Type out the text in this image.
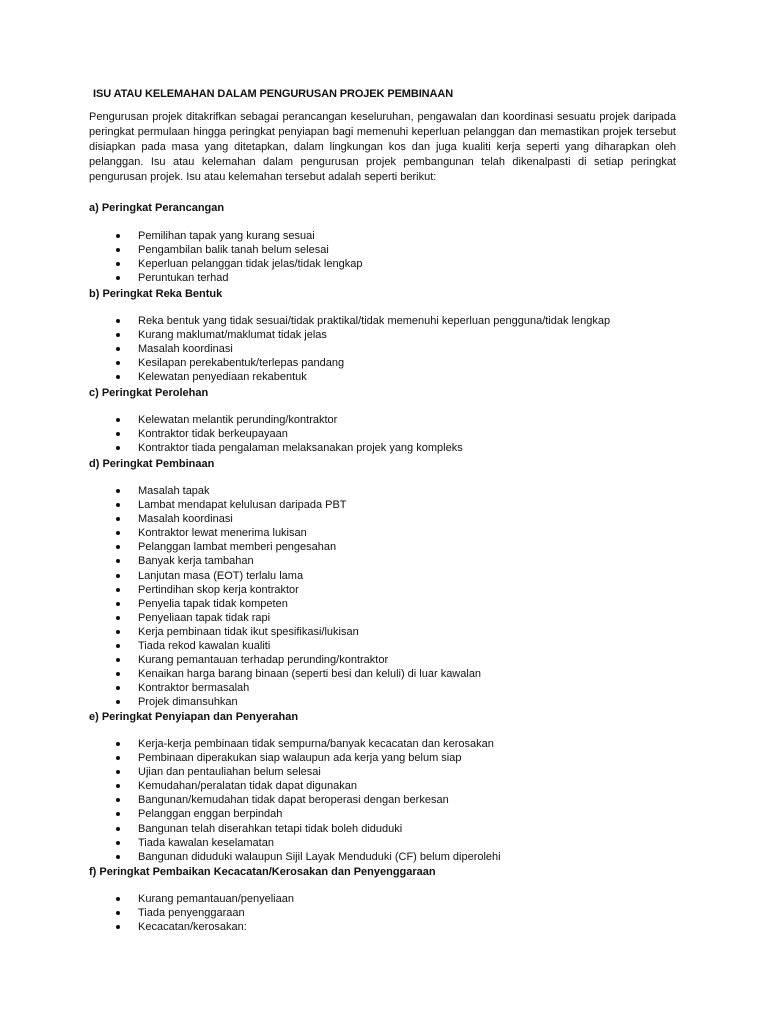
ISU ATAU KELEMAHAN DALAM PENGURUSAN PROJEK PEMBINAAN

Pengurusan projek ditakrifkan sebagai perancangan keseluruhan, pengawalan dan koordinasi sesuatu projek daripada peringkat permulaan hingga peringkat penyiapan bagi memenuhi keperluan pelanggan dan memastikan projek tersebut disiapkan pada masa yang ditetapkan, dalam lingkungan kos dan juga kualiti kerja seperti yang diharapkan oleh pelanggan. Isu atau kelemahan dalam pengurusan projek pembangunan telah dikenalpasti di setiap peringkat pengurusan projek. Isu atau kelemahan tersebut adalah seperti berikut:

a) Peringkat Perancangan

Pemilihan tapak yang kurang sesuai
Pengambilan balik tanah belum selesai
Keperluan pelanggan tidak jelas/tidak lengkap
Peruntukan terhad

b) Peringkat Reka Bentuk

Reka bentuk yang tidak sesuai/tidak praktikal/tidak memenuhi keperluan pengguna/tidak lengkap
Kurang maklumat/maklumat tidak jelas
Masalah koordinasi
Kesilapan perekabentuk/terlepas pandang
Kelewatan penyediaan rekabentuk

c) Peringkat Perolehan

Kelewatan melantik perunding/kontraktor
Kontraktor tidak berkeupayaan
Kontraktor tiada pengalaman melaksanakan projek yang kompleks

d) Peringkat Pembinaan

Masalah tapak
Lambat mendapat kelulusan daripada PBT
Masalah koordinasi
Kontraktor lewat menerima lukisan
Pelanggan lambat memberi pengesahan
Banyak kerja tambahan
Lanjutan masa (EOT) terlalu lama
Pertindihan skop kerja kontraktor
Penyelia tapak tidak kompeten
Penyeliaan tapak tidak rapi
Kerja pembinaan tidak ikut spesifikasi/lukisan
Tiada rekod kawalan kualiti
Kurang pemantauan terhadap perunding/kontraktor
Kenaikan harga barang binaan (seperti besi dan keluli) di luar kawalan
Kontraktor bermasalah
Projek dimansuhkan

e) Peringkat Penyiapan dan Penyerahan

Kerja-kerja pembinaan tidak sempurna/banyak kecacatan dan kerosakan
Pembinaan diperakukan siap walaupun ada kerja yang belum siap
Ujian dan pentauliahan belum selesai
Kemudahan/peralatan tidak dapat digunakan
Bangunan/kemudahan tidak dapat beroperasi dengan berkesan
Pelanggan enggan berpindah
Bangunan telah diserahkan tetapi tidak boleh diduduki
Tiada kawalan keselamatan
Bangunan diduduki walaupun Sijil Layak Menduduki (CF) belum diperolehi

f) Peringkat Pembaikan Kecacatan/Kerosakan dan Penyenggaraan

Kurang pemantauan/penyeliaan
Tiada penyenggaraan
Kecacatan/kerosakan:
